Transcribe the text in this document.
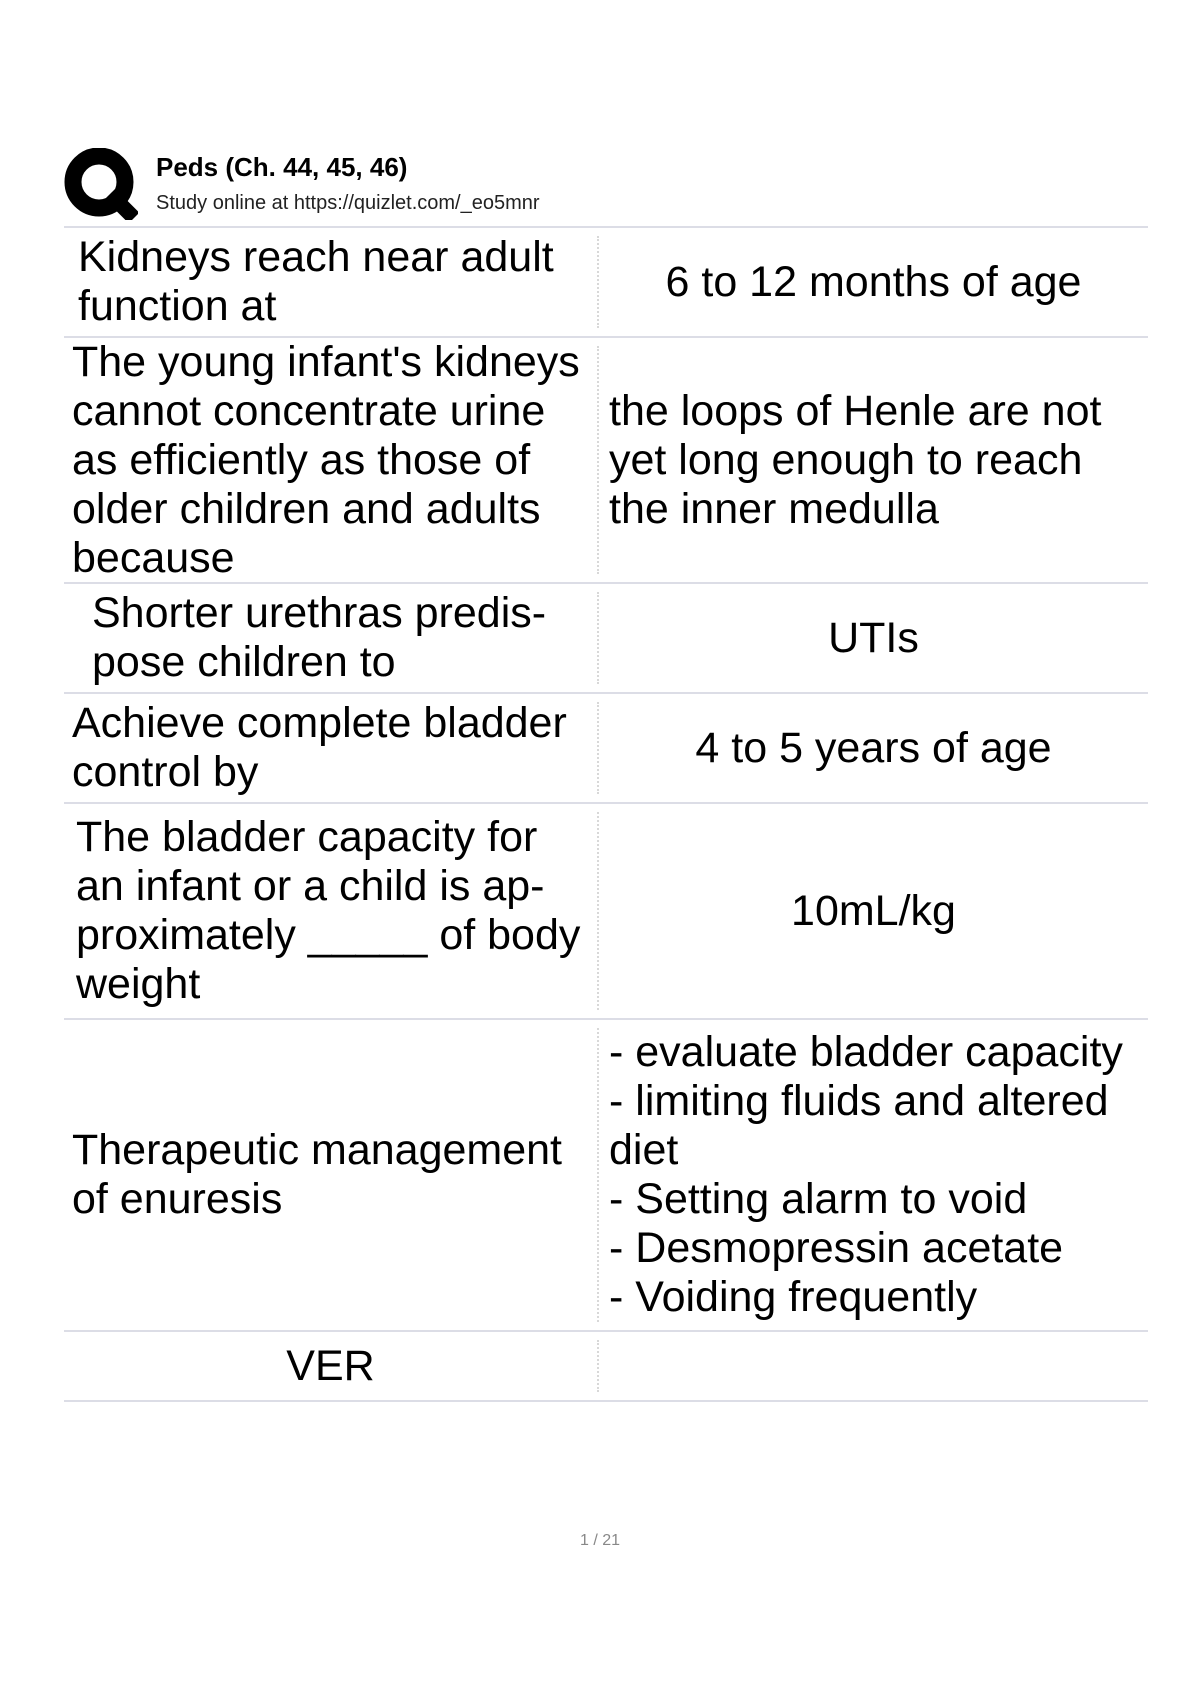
Peds (Ch. 44, 45, 46)
Study online at https://quizlet.com/_eo5mnr
Kidneys reach near adult function at
6 to 12 months of age
The young infant's kidneys cannot concentrate urine as efficiently as those of older children and adults because
the loops of Henle are not yet long enough to reach the inner medulla
Shorter urethras predis-
pose children to
UTIs
Achieve complete bladder control by
4 to 5 years of age
The bladder capacity for an infant or a child is ap-
proximately _____ of body weight
10mL/kg
Therapeutic management of enuresis
- evaluate bladder capacity
- limiting fluids and altered diet
- Setting alarm to void
- Desmopressin acetate
- Voiding frequently
VER
1 / 21
